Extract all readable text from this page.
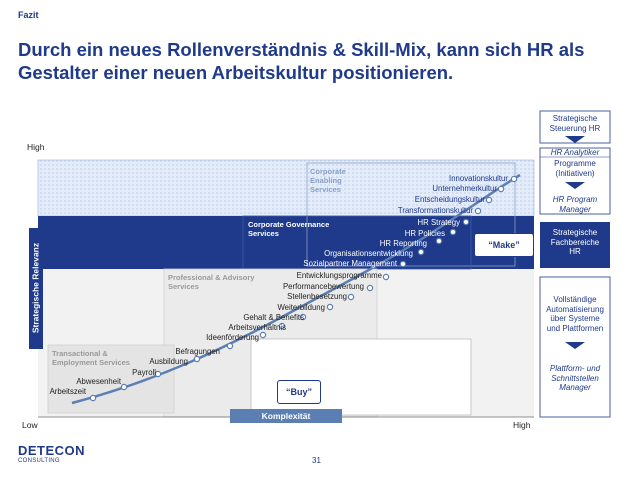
Fazit
Durch ein neues Rollenverständnis & Skill-Mix, kann sich HR als Gestalter einer neuen Arbeitskultur positionieren.
High
Low	High
Strategische Relevanz
Komplexität
Corporate
Enabling
Services
Corporate Governance
Services
Professional & Advisory
Services
Transactional &
Employment Services
“Make”
“Buy”
Innovationskultur
Unternehmerkultur
Entscheidungskultur
Transformationskultur
HR Strategy
HR Policies
HR Reporting
Organisationsentwicklung
Sozialpartner Management
Entwicklungsprogramme
Performancebewertung
Stellenbesetzung
Weiterbildung
Gehalt & Benefits
Arbeitsverhältnis
Ideenförderung
Befragungen
Ausbildung
Payroll
Abwesenheit
Arbeitszeit
Strategische
Steuerung HR
HR Analytiker
Programme
(Initiativen)
HR Program
Manager
Strategische
Fachbereiche
HR
Vollständige
Automatisierung
über Systeme
und Plattformen
Plattform- und
Schnittstellen
Manager
DETECON
CONSULTING	31
